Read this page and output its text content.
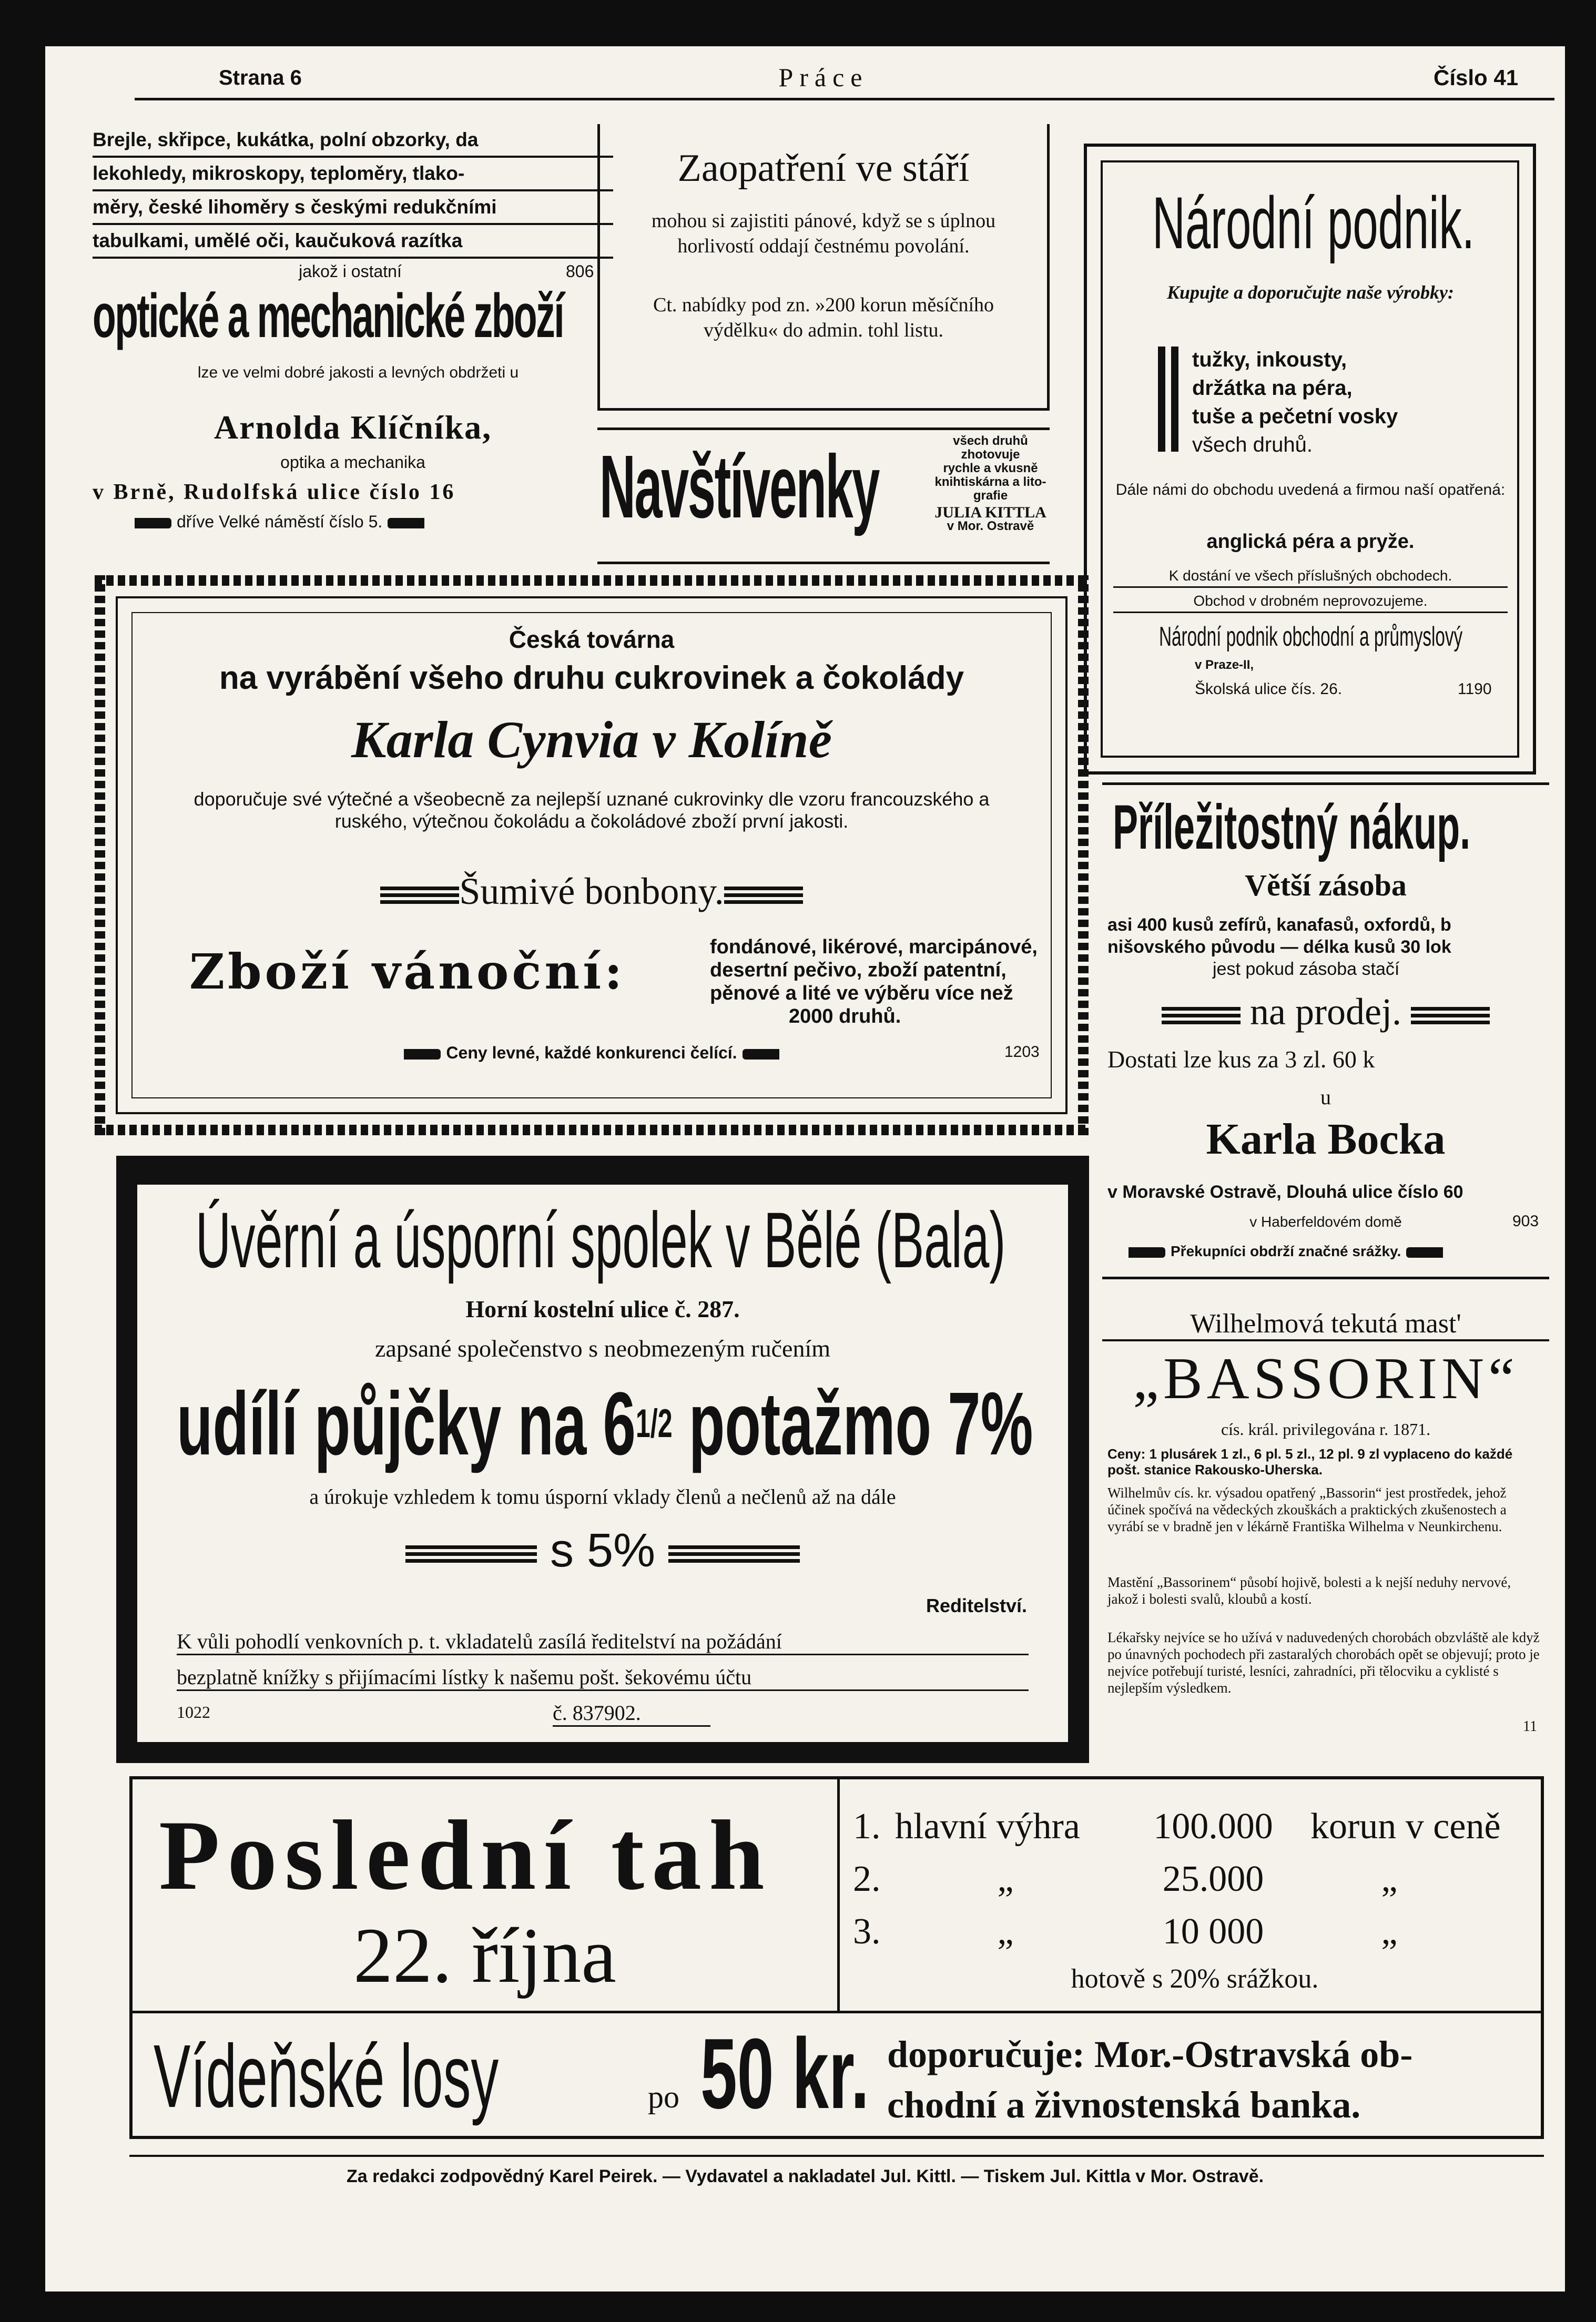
Strana 6	Práce	Číslo 41
Brejle, skřipce, kukátka, polní obzorky, da
lekohledy, mikroskopy, teploměry, tlako-
měry, české lihoměry s českými redukčními
tabulkami, umělé oči, kaučuková razítka
jakož i ostatní	806
optické a mechanické zboží
lze ve velmi dobré jakosti a levných obdržeti u
Arnolda Klíčníka,
optika a mechanika
v Brně, Rudolfská ulice číslo 16
dříve Velké náměstí číslo 5.
Zaopatření ve stáří
mohou si zajistiti pánové, když se s úplnou horlivostí oddají čestnému povolání.
Ct. nabídky pod zn. »200 korun měsíčního výdělku« do admin. tohl listu.
Navštívenky	všech druhů
zhotovuje
rychle a vkusně
knihtiskárna a lito-
grafie
JULIA KITTLA
v Mor. Ostravě
Národní podnik.
Kupujte a doporučujte naše výrobky:
tužky, inkousty,
držátka na péra,
tuše a pečetní vosky
všech druhů.
Dále námi do obchodu uvedená a firmou naší opatřená:
anglická péra a pryže.
K dostání ve všech příslušných obchodech.
Obchod v drobném neprovozujeme.
Národní podnik obchodní a průmyslový
v Praze-II,
Školská ulice čís. 26.	1190
Česká továrna
na vyrábění všeho druhu cukrovinek a čokolády
Karla Cynvia v Kolíně
doporučuje své výtečné a všeobecně za nejlepší uznané cukrovinky dle vzoru francouzského a ruského, výtečnou čokoládu a čokoládové zboží první jakosti.
Šumivé bonbony.
Zboží vánoční:	fondánové, likérové, marcipánové,
desertní pečivo, zboží patentní,
pěnové a lité ve výběru více než
2000 druhů.
Ceny levné, každé konkurenci čelící.	1203
Úvěrní a úsporní spolek v Bělé (Bala)
Horní kostelní ulice č. 287.
zapsané společenstvo s neobmezeným ručením
udílí půjčky na $6^{1/2}$ potažmo 7%
a úrokuje vzhledem k tomu úsporní vklady členů a nečlenů až na dále
s 5%
Reditelství.
K vůli pohodlí venkovních p. t. vkladatelů zasílá ředitelství na požádání
bezplatně knížky s přijímacími lístky k našemu pošt. šekovému účtu
1022	č. 837902.
Příležitostný nákup.
Větší zásoba
asi 400 kusů zefírů, kanafasů, oxfordů, b
nišovského původu — délka kusů 30 lok
jest pokud zásoba stačí
na prodej.
Dostati lze kus za 3 zl. 60 k
u
Karla Bocka
v Moravské Ostravě, Dlouhá ulice číslo 60
v Haberfeldovém domě	903
Překupníci obdrží značné srážky.
Wilhelmová tekutá mast'
„BASSORIN“
cís. král. privilegována r. 1871.
Ceny: 1 plusárek 1 zl., 6 pl. 5 zl., 12 pl. 9 zl vyplaceno do každé pošt. stanice Rakousko-Uherska.
Wilhelmův cís. kr. výsadou opatřený „Bassorin“ jest prostředek, jehož účinek spočívá na vědeckých zkouškách a praktických zkušenostech a vyrábí se v bradně jen v lékárně Františka Wilhelma v Neunkirchenu.
Mastění „Bassorinem“ působí hojivě, bolesti a k nejší neduhy nervové, jakož i bolesti svalů, kloubů a kostí.
Lékařsky nejvíce se ho užívá v naduvedených chorobách obzvláště ale když po únavných pochodech při zastaralých chorobách opět se objevují; proto je nejvíce potřebují turisté, lesníci, zahradníci, při tělocviku a cyklisté s nejlepším výsledkem.
11
Poslední tah
22. října
1. hlavní výhra 100.000 korun v ceně
2.	„	25.000	„
3.	„	10 000	„
hotově s 20% srážkou.
Vídeňské losy	po 50 kr. doporučuje: Mor.-Ostravská ob-
chodní a živnostenská banka.
Za redakci zodpovědný Karel Peirek. — Vydavatel a nakladatel Jul. Kittl. — Tiskem Jul. Kittla v Mor. Ostravě.
